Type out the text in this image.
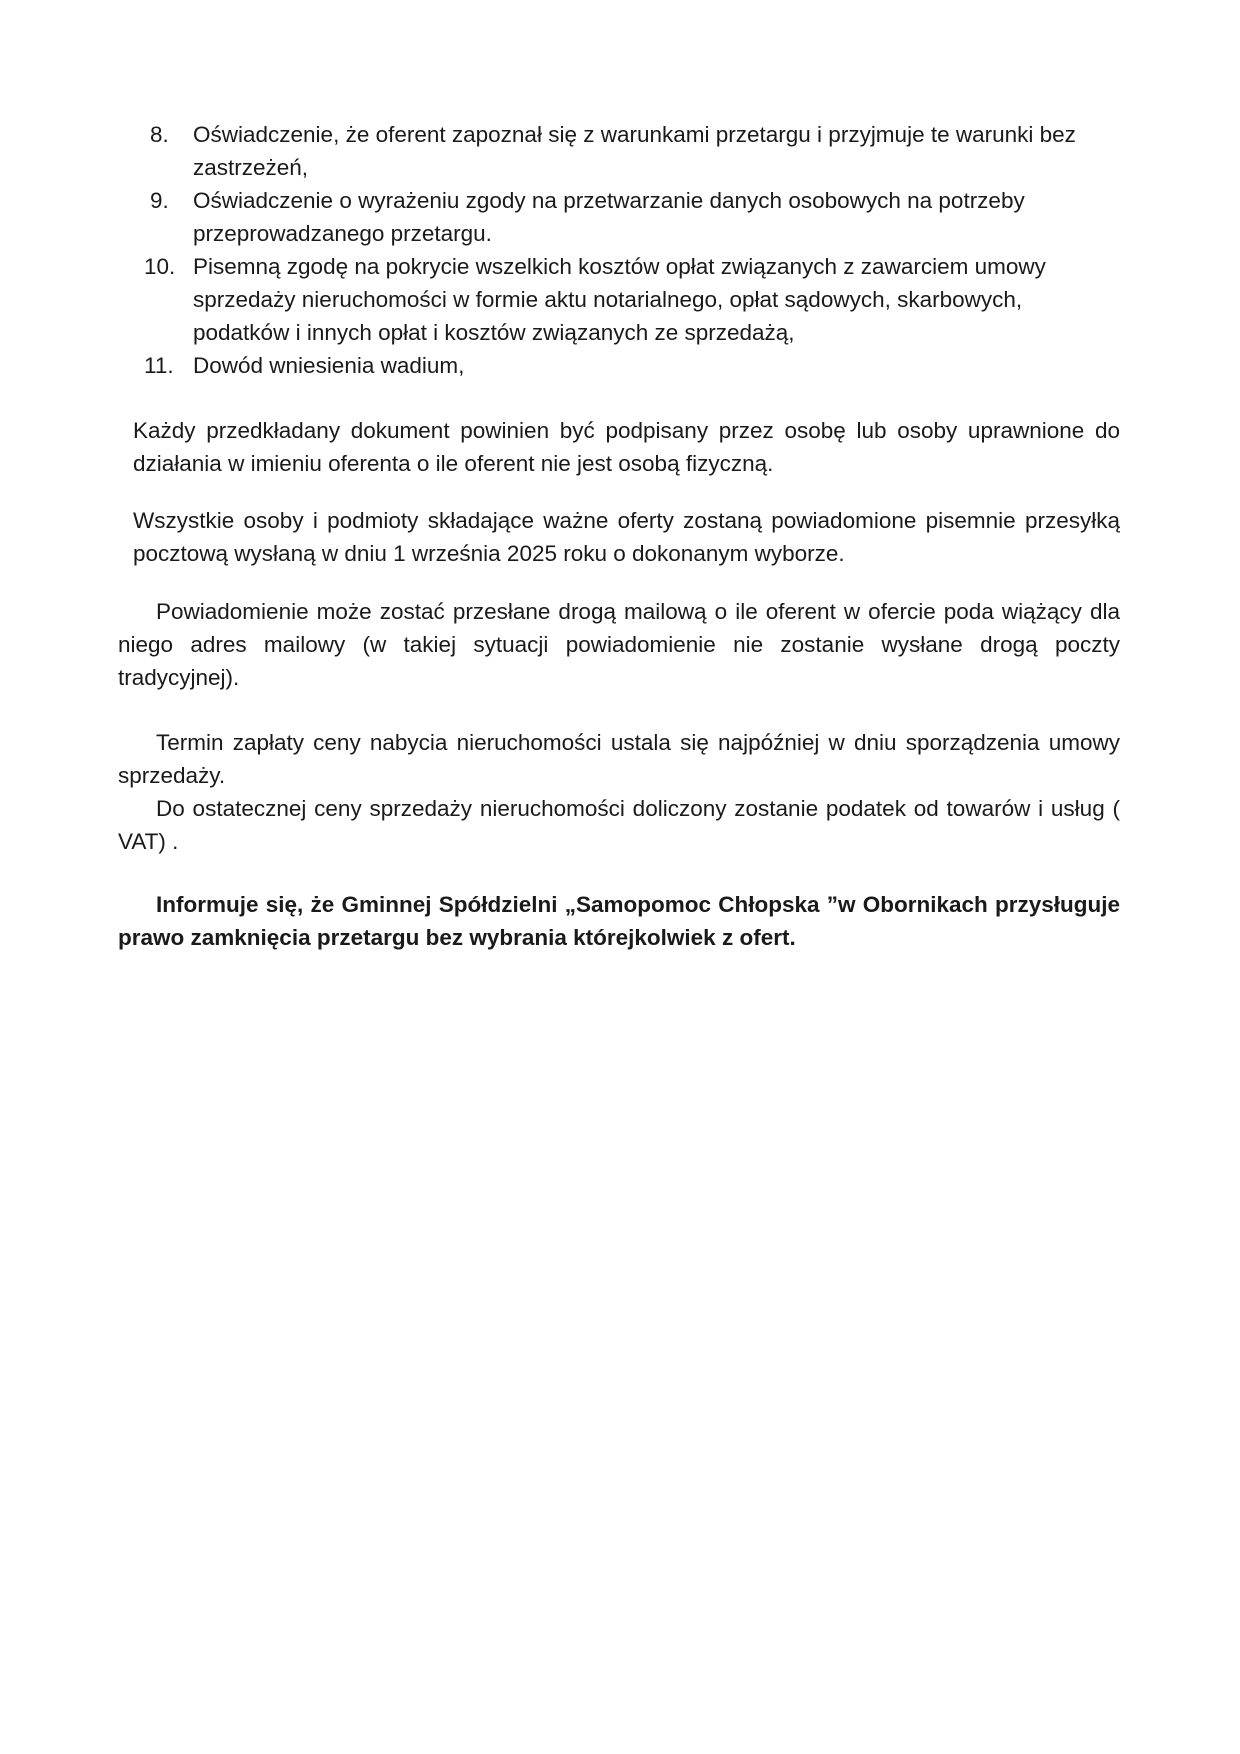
8.	Oświadczenie, że oferent zapoznał się z warunkami przetargu i przyjmuje te warunki bez zastrzeżeń,
9.	Oświadczenie o wyrażeniu zgody na przetwarzanie danych osobowych na potrzeby przeprowadzanego przetargu.
10. Pisemną zgodę na pokrycie wszelkich kosztów opłat związanych z zawarciem umowy sprzedaży nieruchomości w formie aktu notarialnego, opłat sądowych, skarbowych, podatków i innych opłat i kosztów związanych ze sprzedażą,
11. Dowód wniesienia wadium,

Każdy przedkładany dokument powinien być podpisany przez osobę lub osoby uprawnione do działania w imieniu oferenta o ile oferent nie jest osobą fizyczną.

Wszystkie osoby i podmioty składające ważne oferty zostaną powiadomione pisemnie przesyłką pocztową wysłaną w dniu 1 września 2025 roku o dokonanym wyborze.

Powiadomienie może zostać przesłane drogą mailową o ile oferent w ofercie poda wiążący dla niego adres mailowy (w takiej sytuacji powiadomienie nie zostanie wysłane drogą poczty tradycyjnej).

Termin zapłaty ceny nabycia nieruchomości ustala się najpóźniej w dniu sporządzenia umowy sprzedaży.

Do ostatecznej ceny sprzedaży nieruchomości doliczony zostanie podatek od towarów i usług ( VAT) .

Informuje się, że Gminnej Spółdzielni „Samopomoc Chłopska ”w Obornikach przysługuje prawo zamknięcia przetargu bez wybrania którejkolwiek z ofert.
